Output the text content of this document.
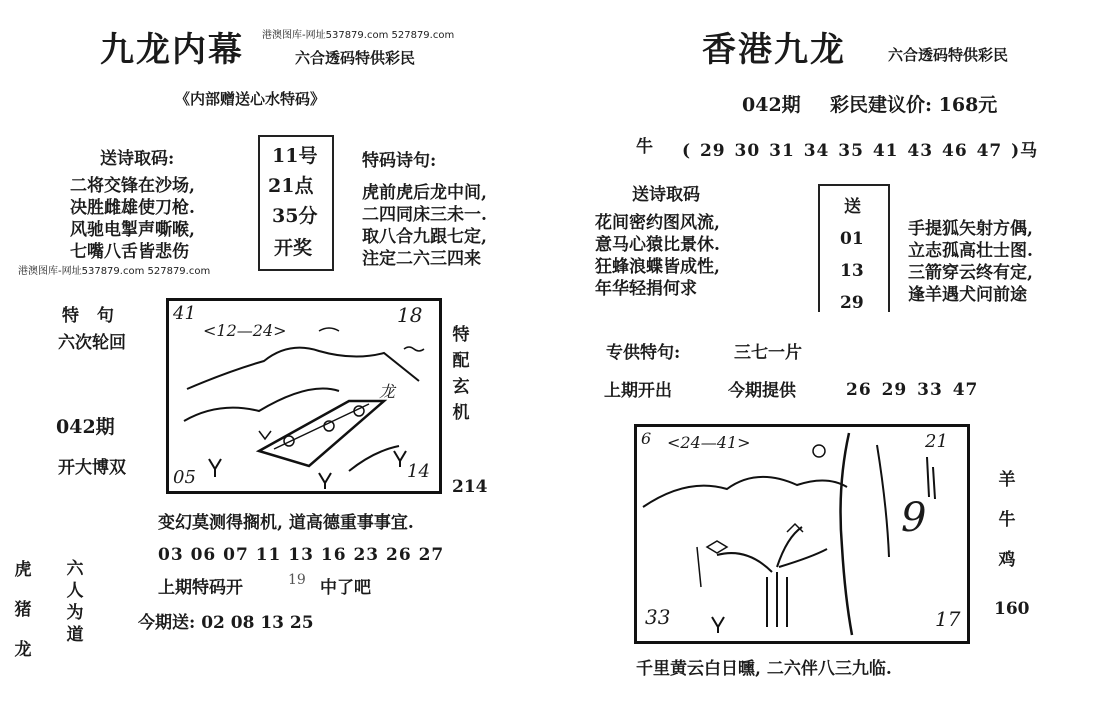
九龙内幕 港澳图库-网址537879.com 527879.com
六合透码特供彩民
《内部赠送心水特码》
送诗取码:
二将交锋在沙场,
决胜雌雄使刀枪.
风驰电掣声嘶喉,
七嘴八舌皆悲伤
11号
21点
35分
开奖
特码诗句:
虎前虎后龙中间,
二四同床三未一.
取八合九跟七定,
注定二六三四来
港澳图库-网址537879.com 527879.com
特 句
六次轮回
042期
开大博双
41	18
05	14
<12—24>
龙
特
配
玄
机
214
变幻莫测得搁机, 道高德重事事宜.
03 06 07 11 13 16 23 26 27
上期特码开	19 中了吧
今期送: 02 08 13 25
虎
猪
龙
六
人
为
道
香港九龙	六合透码特供彩民
042期 彩民建议价: 168元
牛 ( 29 30 31 34 35 41 43 46 47 )马
送诗取码
花间密约图风流,
意马心猿比景休.
狂蜂浪蝶皆成性,
年华轻捐何求
送
01
13
29
手提狐矢射方偶,
立志孤高壮士图.
三箭穿云终有定,
逢羊遇犬问前途
专供特句:	三七一片
上期开出	今期提供	26 29 33 47
6	21
33	17
<24—41>
9
羊
牛
鸡
160
千里黄云白日曛, 二六伴八三九临.
